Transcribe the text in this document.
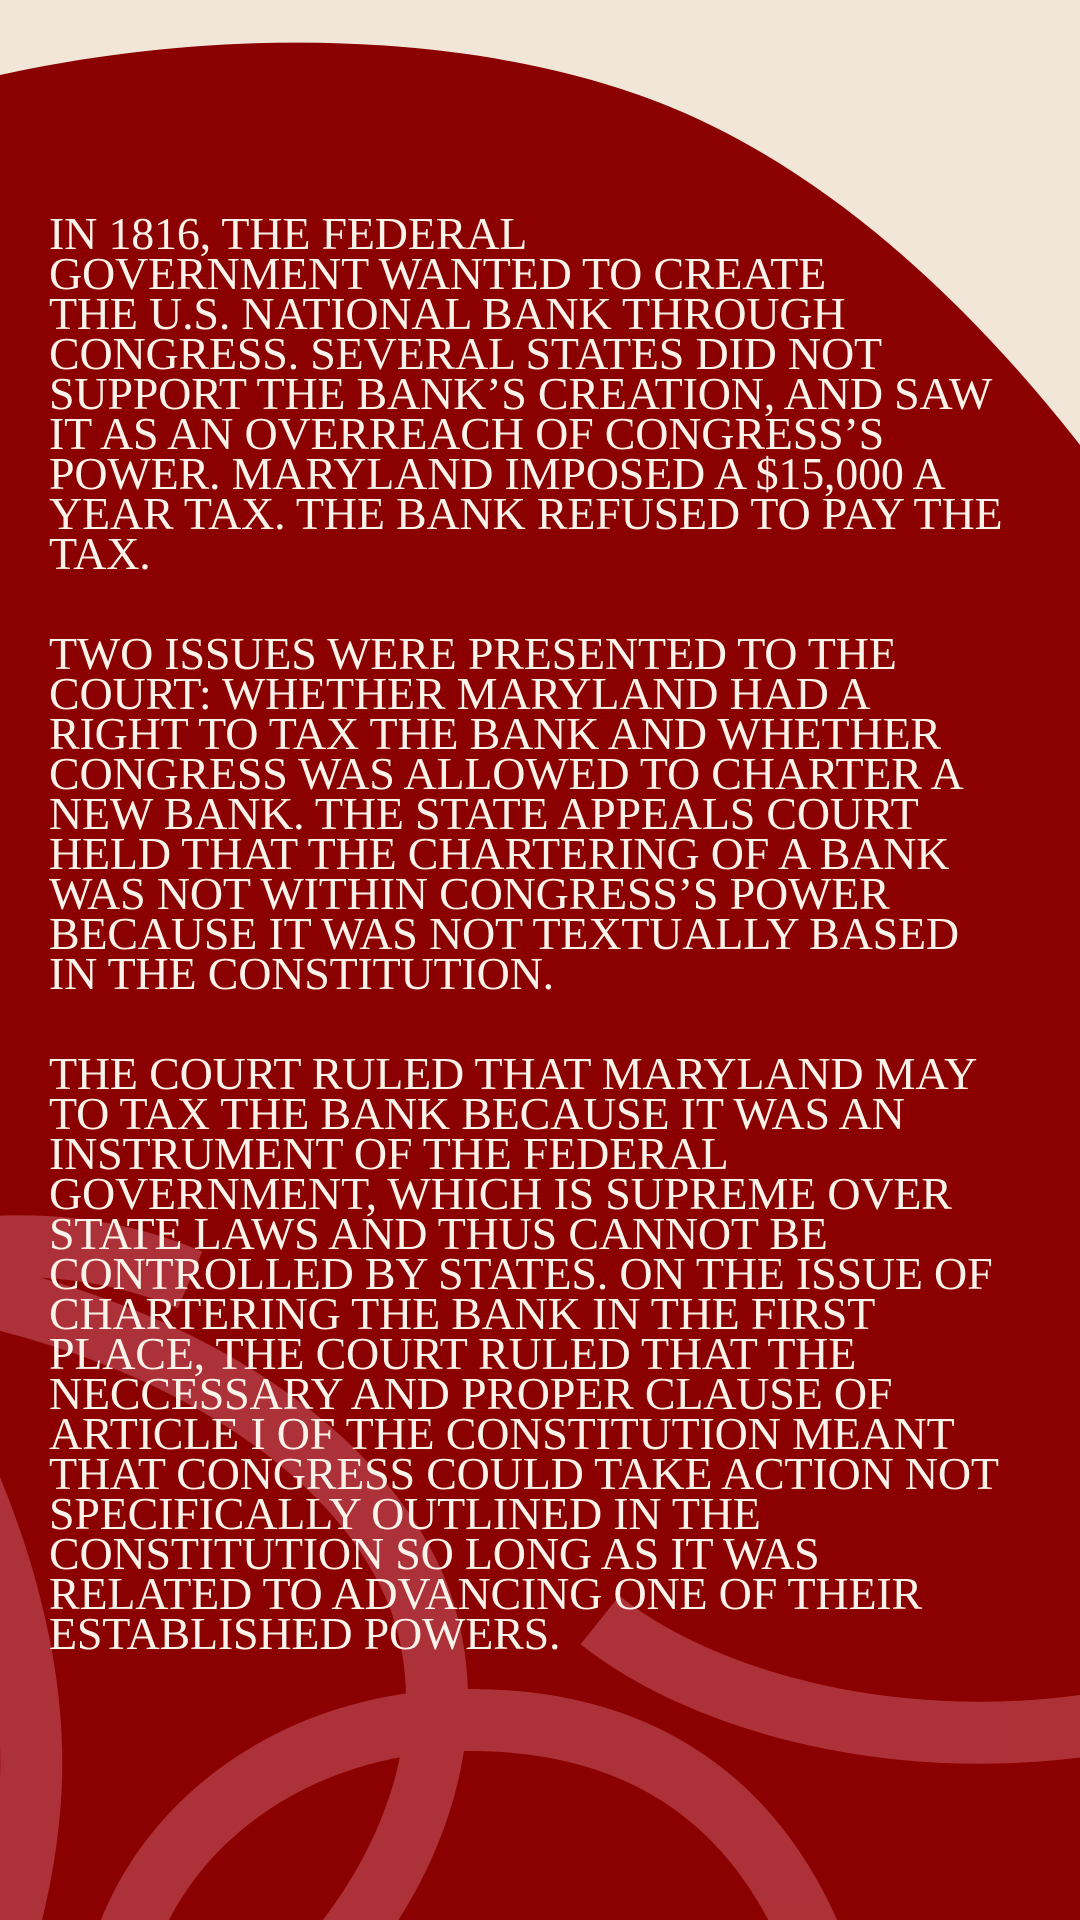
IN 1816, THE FEDERAL
GOVERNMENT WANTED TO CREATE
THE U.S. NATIONAL BANK THROUGH
CONGRESS. SEVERAL STATES DID NOT
SUPPORT THE BANK’S CREATION, AND SAW
IT AS AN OVERREACH OF CONGRESS’S
POWER. MARYLAND IMPOSED A $15,000 A
YEAR TAX. THE BANK REFUSED TO PAY THE
TAX.

TWO ISSUES WERE PRESENTED TO THE
COURT: WHETHER MARYLAND HAD A
RIGHT TO TAX THE BANK AND WHETHER
CONGRESS WAS ALLOWED TO CHARTER A
NEW BANK. THE STATE APPEALS COURT
HELD THAT THE CHARTERING OF A BANK
WAS NOT WITHIN CONGRESS’S POWER
BECAUSE IT WAS NOT TEXTUALLY BASED
IN THE CONSTITUTION.

THE COURT RULED THAT MARYLAND MAY
TO TAX THE BANK BECAUSE IT WAS AN
INSTRUMENT OF THE FEDERAL
GOVERNMENT, WHICH IS SUPREME OVER
STATE LAWS AND THUS CANNOT BE
CONTROLLED BY STATES. ON THE ISSUE OF
CHARTERING THE BANK IN THE FIRST
PLACE, THE COURT RULED THAT THE
NECCESSARY AND PROPER CLAUSE OF
ARTICLE I OF THE CONSTITUTION MEANT
THAT CONGRESS COULD TAKE ACTION NOT
SPECIFICALLY OUTLINED IN THE
CONSTITUTION SO LONG AS IT WAS
RELATED TO ADVANCING ONE OF THEIR
ESTABLISHED POWERS.
